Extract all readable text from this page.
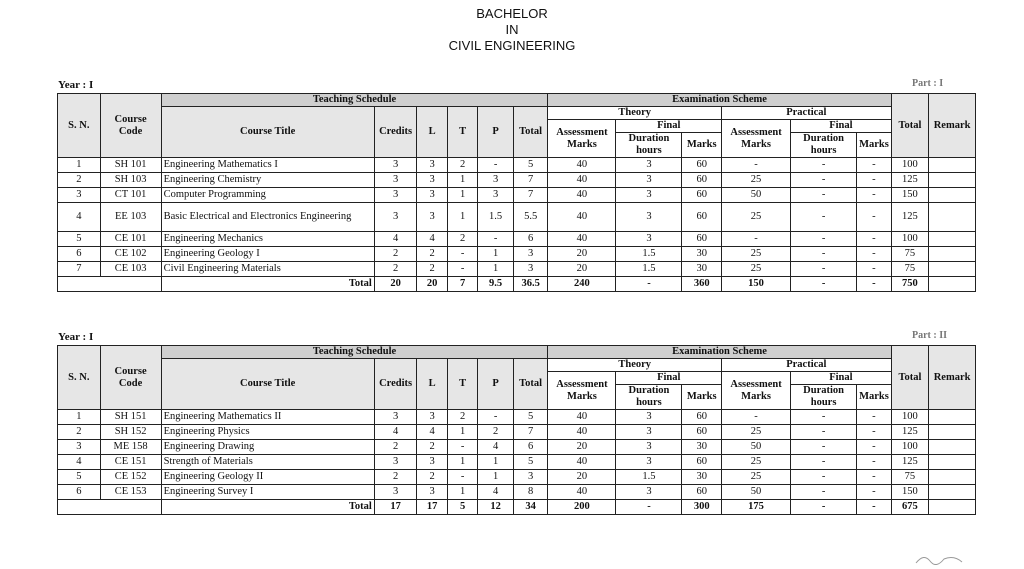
BACHELOR
IN
CIVIL ENGINEERING
Year : I	Part : I
Year : I	Part : II
S. N.	Course Code	Teaching Schedule						Examination Scheme						Total	Remark
		Course Title	Credits	L	T	P	Total	Theory			Practical				
								Assessment Marks	Final		Assessment Marks	Final			
									Duration hours	Marks		Duration hours	Marks		
1	SH 101	Engineering Mathematics I	3	3	2	-	5	40	3	60	-	-	-	100	
2	SH 103	Engineering Chemistry	3	3	1	3	7	40	3	60	25	-	-	125	
3	CT 101	Computer Programming	3	3	1	3	7	40	3	60	50	-	-	150	
4	EE 103	Basic Electrical and Electronics Engineering	3	3	1	1.5	5.5	40	3	60	25	-	-	125	
5	CE 101	Engineering Mechanics	4	4	2	-	6	40	3	60	-	-	-	100	
6	CE 102	Engineering Geology I	2	2	-	1	3	20	1.5	30	25	-	-	75	
7	CE 103	Civil Engineering Materials	2	2	-	1	3	20	1.5	30	25	-	-	75	
		Total	20	20	7	9.5	36.5	240	-	360	150	-	-	750	
S. N.	Course Code	Teaching Schedule						Examination Scheme						Total	Remark
		Course Title	Credits	L	T	P	Total	Theory			Practical				
								Assessment Marks	Final		Assessment Marks	Final			
									Duration hours	Marks		Duration hours	Marks		
1	SH 151	Engineering Mathematics II	3	3	2	-	5	40	3	60	-	-	-	100	
2	SH 152	Engineering Physics	4	4	1	2	7	40	3	60	25	-	-	125	
3	ME 158	Engineering Drawing	2	2	-	4	6	20	3	30	50	-	-	100	
4	CE 151	Strength of Materials	3	3	1	1	5	40	3	60	25	-	-	125	
5	CE 152	Engineering Geology II	2	2	-	1	3	20	1.5	30	25	-	-	75	
6	CE 153	Engineering Survey I	3	3	1	4	8	40	3	60	50	-	-	150	
		Total	17	17	5	12	34	200	-	300	175	-	-	675	
